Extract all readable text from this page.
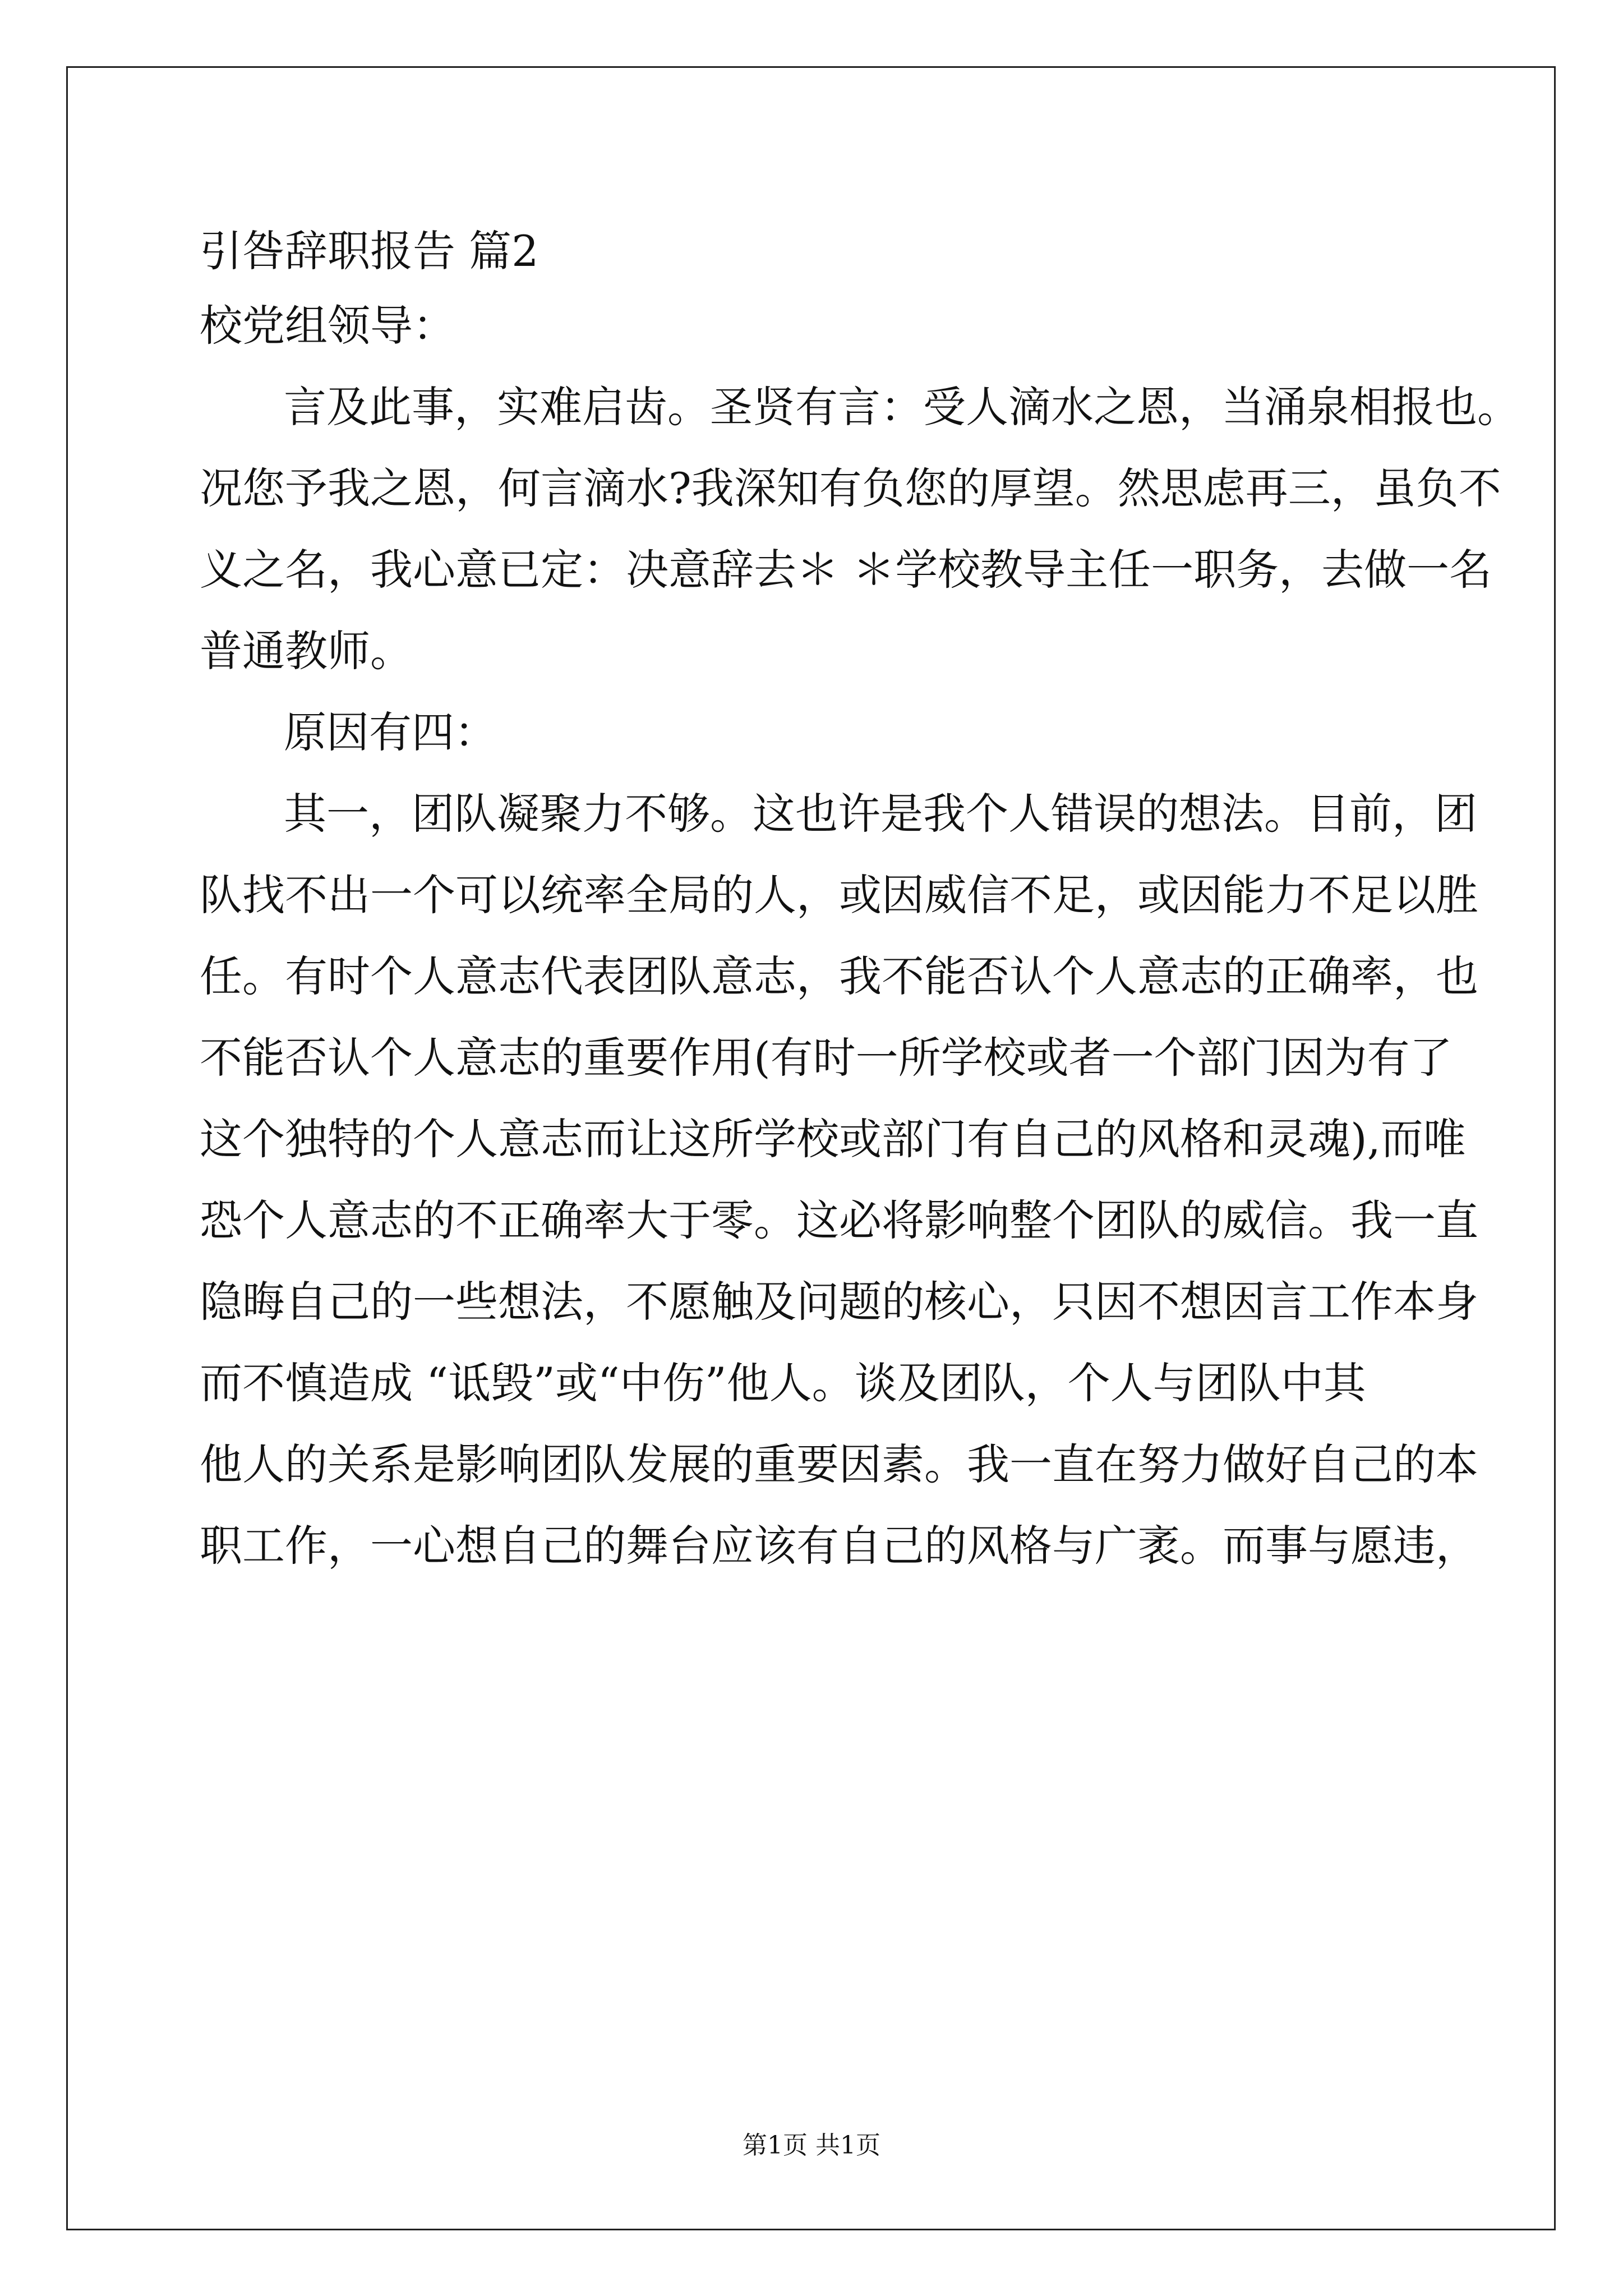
引咎辞职报告 篇2
校党组领导：
言及此事，实难启齿。圣贤有言：受人滴水之恩，当涌泉相报也。
况您予我之恩，何言滴水?我深知有负您的厚望。然思虑再三，虽负不
义之名，我心意已定：决意辞去＊ ＊学校教导主任一职务，去做一名
普通教师。
原因有四：
其一，团队凝聚力不够。这也许是我个人错误的想法。目前，团
队找不出一个可以统率全局的人，或因威信不足，或因能力不足以胜
任。有时个人意志代表团队意志，我不能否认个人意志的正确率，也
不能否认个人意志的重要作用(有时一所学校或者一个部门因为有了
这个独特的个人意志而让这所学校或部门有自己的风格和灵魂),而唯
恐个人意志的不正确率大于零。这必将影响整个团队的威信。我一直
隐晦自己的一些想法，不愿触及问题的核心，只因不想因言工作本身
而不慎造成 “诋毁”或“中伤”他人。谈及团队，个人与团队中其
他人的关系是影响团队发展的重要因素。我一直在努力做好自己的本
职工作，一心想自己的舞台应该有自己的风格与广袤。而事与愿违，
第1页 共1页
